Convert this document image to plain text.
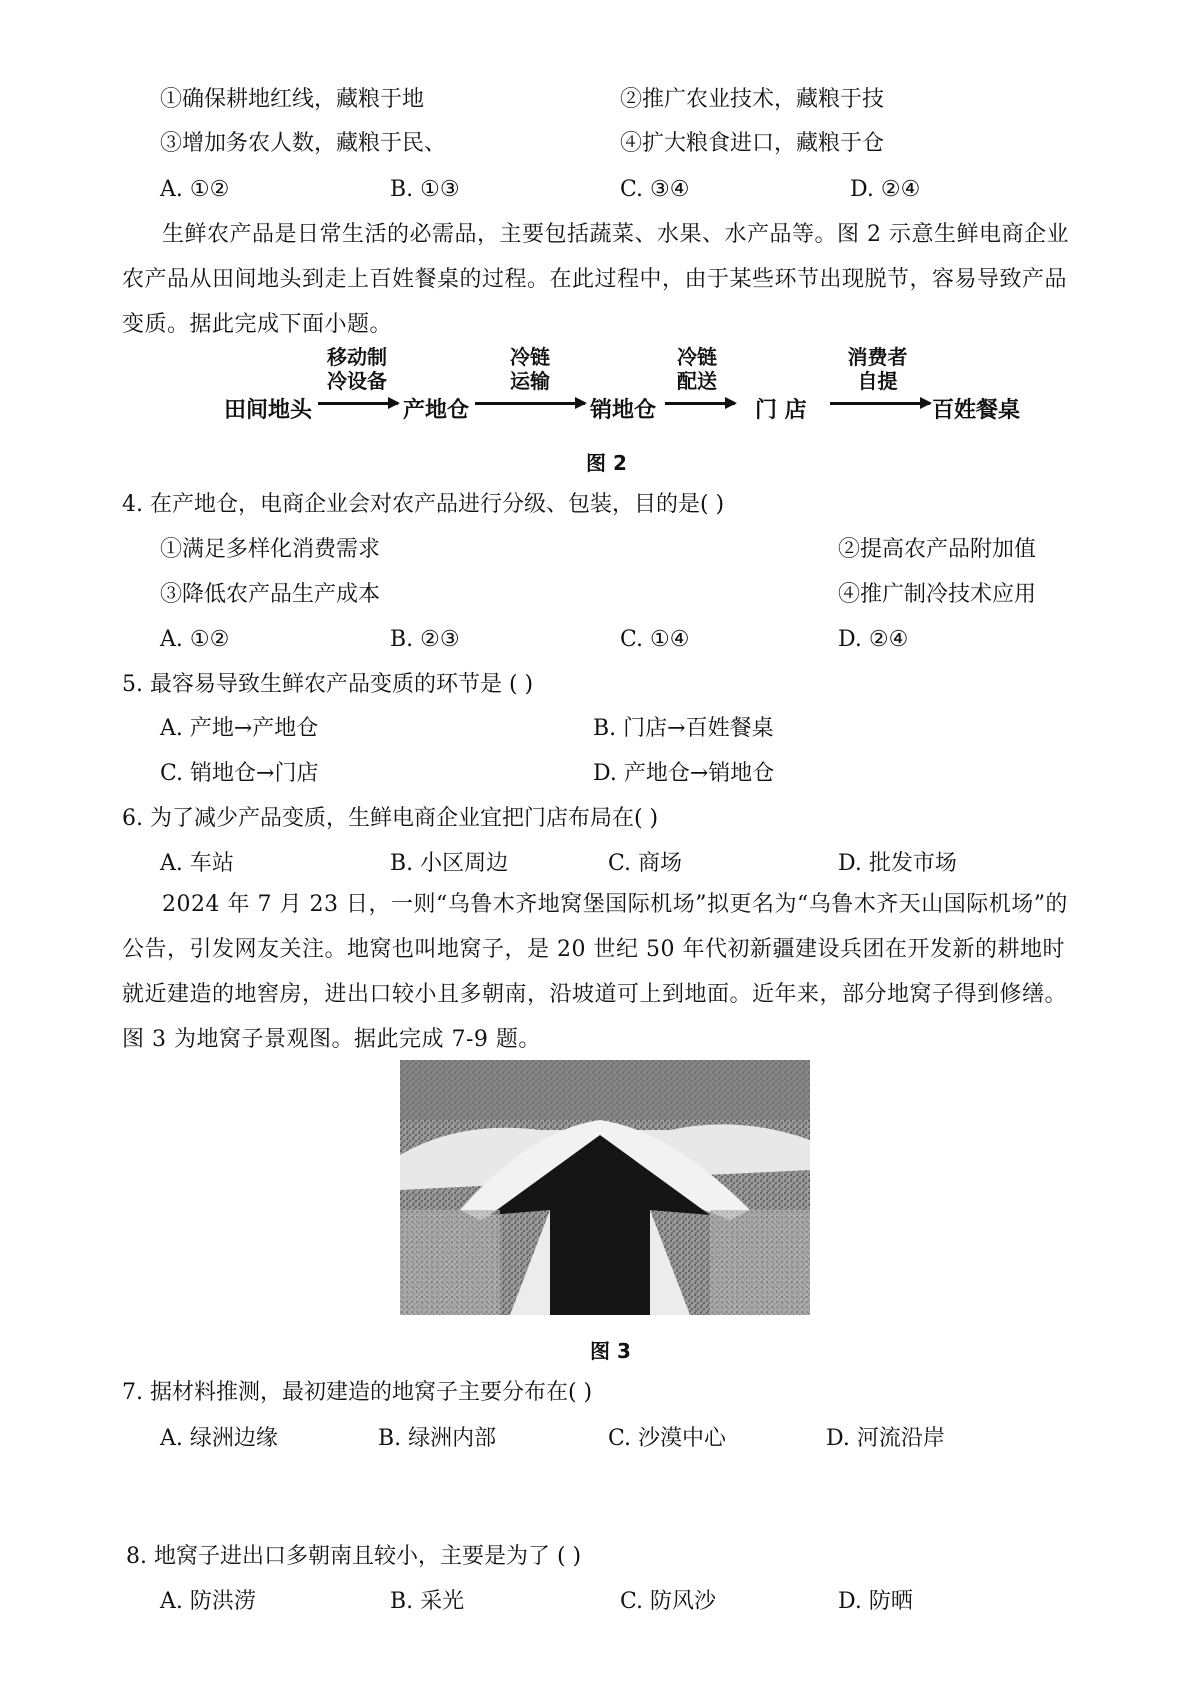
①确保耕地红线，藏粮于地	②推广农业技术，藏粮于技
③增加务农人数，藏粮于民、	④扩大粮食进口，藏粮于仓
A. ①②	B. ①③	C. ③④	D. ②④
生鲜农产品是日常生活的必需品，主要包括蔬菜、水果、水产品等。图 2 示意生鲜电商企业农产品从田间地头到走上百姓餐桌的过程。在此过程中，由于某些环节出现脱节，容易导致产品变质。据此完成下面小题。
田间地头
移动制
冷设备
产地仓
冷链
运输
销地仓
冷链
配送
门 店
消费者
自提
百姓餐桌
图 2
4. 在产地仓，电商企业会对农产品进行分级、包装，目的是( )
①满足多样化消费需求	②提高农产品附加值
③降低农产品生产成本	④推广制冷技术应用
A. ①②	B. ②③	C. ①④	D. ②④
5. 最容易导致生鲜农产品变质的环节是 ( )
A. 产地→产地仓	B. 门店→百姓餐桌
C. 销地仓→门店	D. 产地仓→销地仓
6. 为了减少产品变质，生鲜电商企业宜把门店布局在( )
A. 车站	B. 小区周边	C. 商场	D. 批发市场
2024 年 7 月 23 日，一则“乌鲁木齐地窝堡国际机场”拟更名为“乌鲁木齐天山国际机场”的公告，引发网友关注。地窝也叫地窝子，是 20 世纪 50 年代初新疆建设兵团在开发新的耕地时就近建造的地窖房，进出口较小且多朝南，沿坡道可上到地面。近年来，部分地窝子得到修缮。图 3 为地窝子景观图。据此完成 7-9 题。
图 3
7. 据材料推测，最初建造的地窝子主要分布在( )
A. 绿洲边缘	B. 绿洲内部	C. 沙漠中心	D. 河流沿岸
8. 地窝子进出口多朝南且较小，主要是为了 ( )
A. 防洪涝	B. 采光	C. 防风沙	D. 防晒
